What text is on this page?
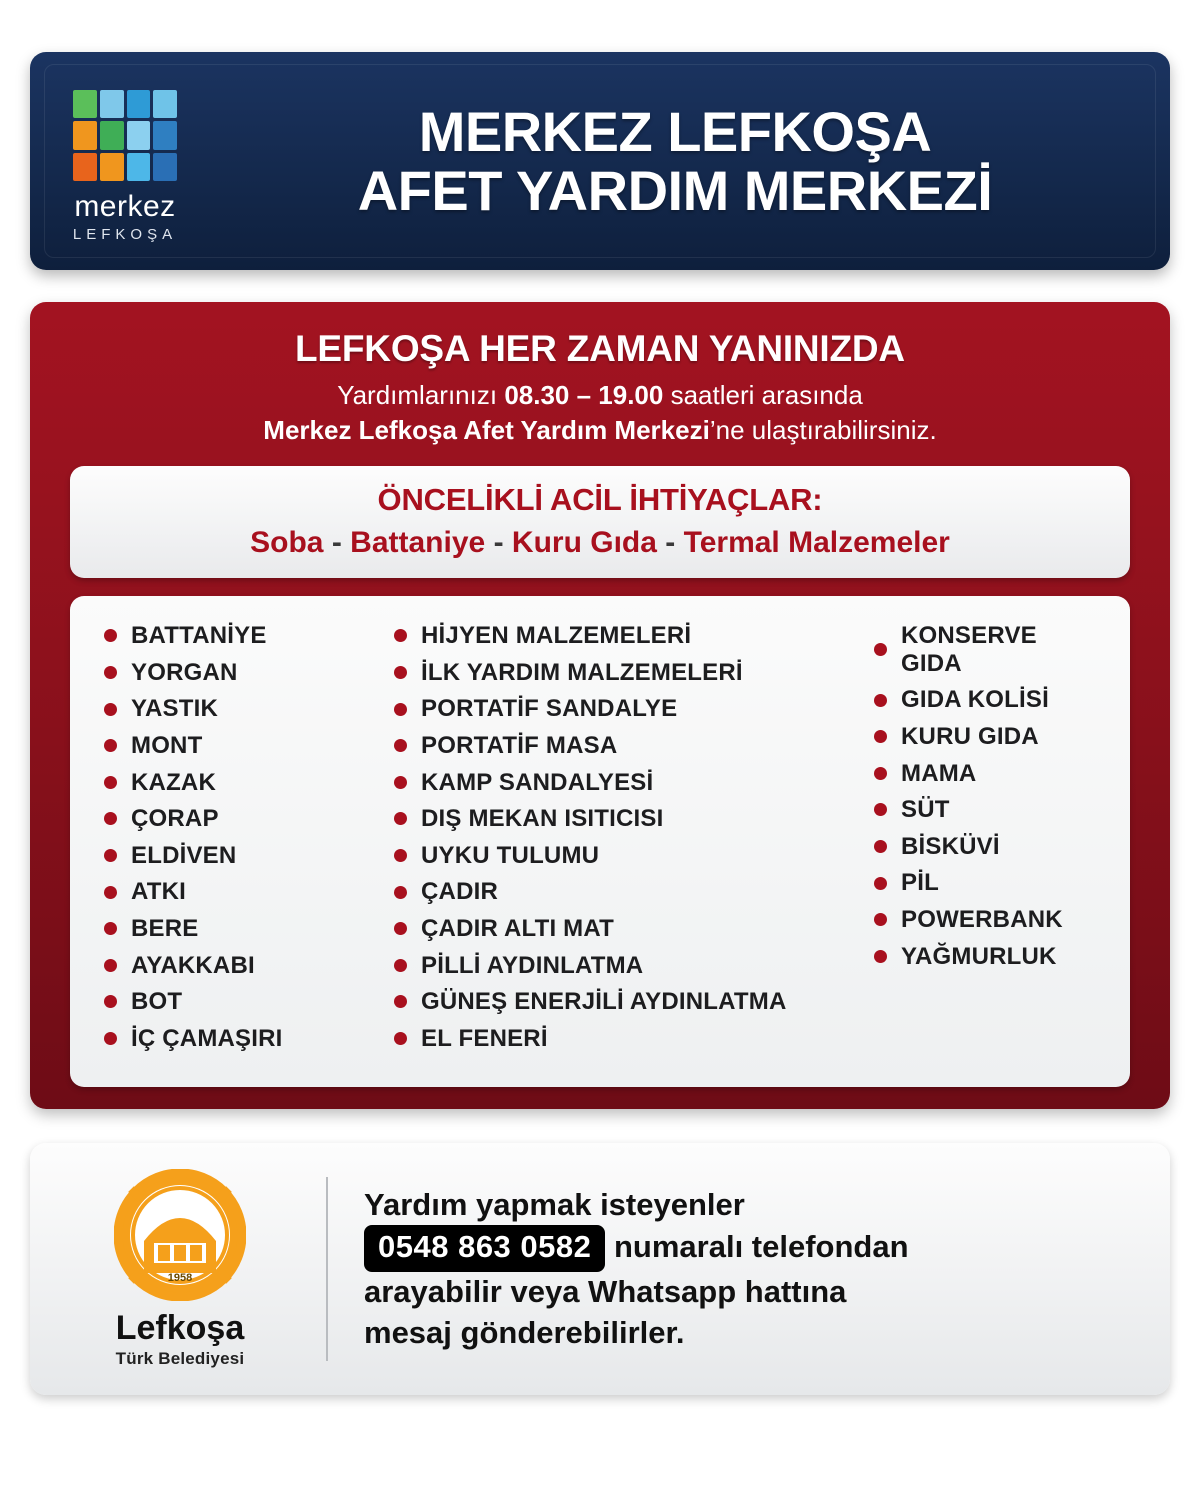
merkez
LEFKOŞA
MERKEZ LEFKOŞA
AFET YARDIM MERKEZİ
LEFKOŞA HER ZAMAN YANINIZDA
Yardımlarınızı 08.30 – 19.00 saatleri arasında
Merkez Lefkoşa Afet Yardım Merkezi’ne ulaştırabilirsiniz.
ÖNCELİKLİ ACİL İHTİYAÇLAR:
Soba - Battaniye - Kuru Gıda - Termal Malzemeler
BATTANİYE
YORGAN
YASTIK
MONT
KAZAK
ÇORAP
ELDİVEN
ATKI
BERE
AYAKKABI
BOT
İÇ ÇAMAŞIRI
HİJYEN MALZEMELERİ
İLK YARDIM MALZEMELERİ
PORTATİF SANDALYE
PORTATİF MASA
KAMP SANDALYESİ
DIŞ MEKAN ISITICISI
UYKU TULUMU
ÇADIR
ÇADIR ALTI MAT
PİLLİ AYDINLATMA
GÜNEŞ ENERJİLİ AYDINLATMA
EL FENERİ
KONSERVE GIDA
GIDA KOLİSİ
KURU GIDA
MAMA
SÜT
BİSKÜVİ
PİL
POWERBANK
YAĞMURLUK
1958
Lefkoşa
Türk Belediyesi
Yardım yapmak isteyenler
0548 863 0582 numaralı telefondan
arayabilir veya Whatsapp hattına
mesaj gönderebilirler.
